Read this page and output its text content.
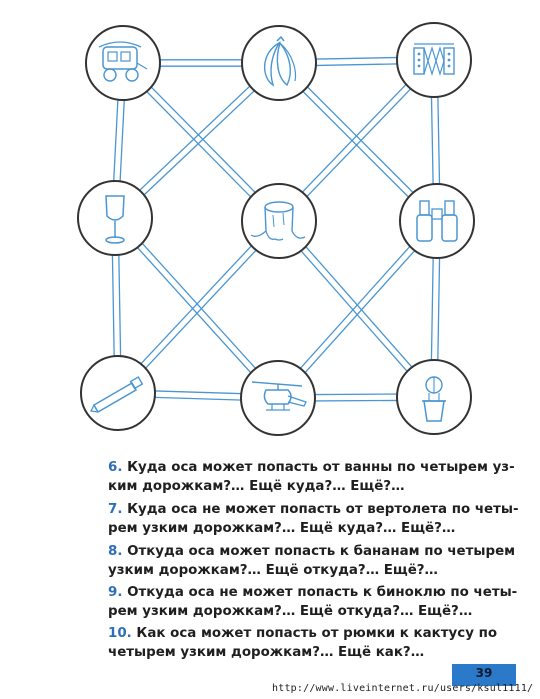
6. Куда оса может попасть от ванны по четырем уз-
ким дорожкам?… Ещё куда?… Ещё?…
7. Куда оса не может попасть от вертолета по четы-
рем узким дорожкам?… Ещё куда?… Ещё?…
8. Откуда оса может попасть к бананам по четырем
узким дорожкам?… Ещё откуда?… Ещё?…
9. Откуда оса не может попасть к биноклю по четы-
рем узким дорожкам?… Ещё откуда?… Ещё?…
10. Как оса может попасть от рюмки к кактусу по
четырем узким дорожкам?… Ещё как?…
39
http://www.liveinternet.ru/users/ksul1111/
